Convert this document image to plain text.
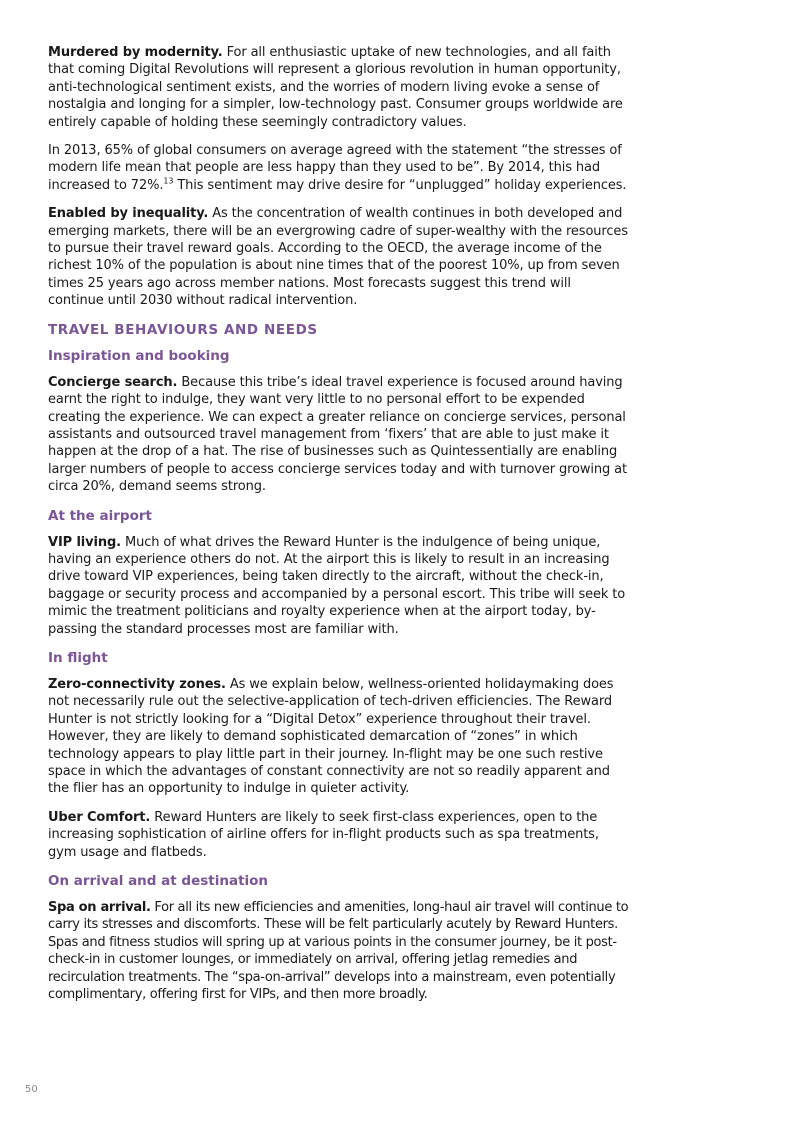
Murdered by modernity. For all enthusiastic uptake of new technologies, and all faith that coming Digital Revolutions will represent a glorious revolution in human opportunity, anti-technological sentiment exists, and the worries of modern living evoke a sense of nostalgia and longing for a simpler, low-technology past. Consumer groups worldwide are entirely capable of holding these seemingly contradictory values.

In 2013, 65% of global consumers on average agreed with the statement “the stresses of modern life mean that people are less happy than they used to be”. By 2014, this had increased to 72%.$^{13}$ This sentiment may drive desire for “unplugged” holiday experiences.

Enabled by inequality. As the concentration of wealth continues in both developed and emerging markets, there will be an evergrowing cadre of super-wealthy with the resources to pursue their travel reward goals. According to the OECD, the average income of the richest 10% of the population is about nine times that of the poorest 10%, up from seven times 25 years ago across member nations. Most forecasts suggest this trend will continue until 2030 without radical intervention.

TRAVEL BEHAVIOURS AND NEEDS
Inspiration and booking

Concierge search. Because this tribe’s ideal travel experience is focused around having earnt the right to indulge, they want very little to no personal effort to be expended creating the experience. We can expect a greater reliance on concierge services, personal assistants and outsourced travel management from ‘fixers’ that are able to just make it happen at the drop of a hat. The rise of businesses such as Quintessentially are enabling larger numbers of people to access concierge services today and with turnover growing at circa 20%, demand seems strong.

At the airport

VIP living. Much of what drives the Reward Hunter is the indulgence of being unique, having an experience others do not. At the airport this is likely to result in an increasing drive toward VIP experiences, being taken directly to the aircraft, without the check-in, baggage or security process and accompanied by a personal escort. This tribe will seek to mimic the treatment politicians and royalty experience when at the airport today, by-passing the standard processes most are familiar with.

In flight

Zero-connectivity zones. As we explain below, wellness-oriented holidaymaking does not necessarily rule out the selective-application of tech-driven efficiencies. The Reward Hunter is not strictly looking for a “Digital Detox” experience throughout their travel. However, they are likely to demand sophisticated demarcation of “zones” in which technology appears to play little part in their journey. In-flight may be one such restive space in which the advantages of constant connectivity are not so readily apparent and the flier has an opportunity to indulge in quieter activity.

Uber Comfort. Reward Hunters are likely to seek first-class experiences, open to the increasing sophistication of airline offers for in-flight products such as spa treatments, gym usage and flatbeds.

On arrival and at destination

Spa on arrival. For all its new efficiencies and amenities, long-haul air travel will continue to carry its stresses and discomforts. These will be felt particularly acutely by Reward Hunters. Spas and fitness studios will spring up at various points in the consumer journey, be it post-check-in in customer lounges, or immediately on arrival, offering jetlag remedies and recirculation treatments. The “spa-on-arrival” develops into a mainstream, even potentially complimentary, offering first for VIPs, and then more broadly.

50
